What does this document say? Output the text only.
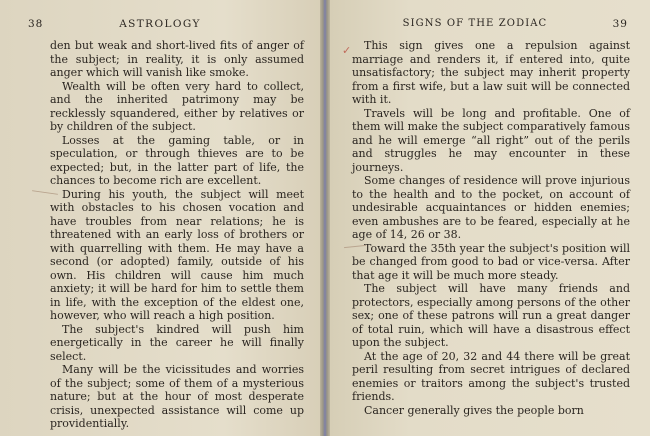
38	ASTROLOGY

den but weak and short-lived fits of anger of the subject; in reality, it is only assumed anger which will vanish like smoke.

Wealth will be often very hard to collect, and the inherited patrimony may be recklessly squandered, either by relatives or by children of the subject.

Losses at the gaming table, or in speculation, or through thieves are to be expected; but, in the latter part of life, the chances to become rich are excellent.

During his youth, the subject will meet with obstacles to his chosen vocation and have troubles from near relations; he is threatened with an early loss of brothers or with quarrelling with them. He may have a second (or adopted) family, outside of his own. His children will cause him much anxiety; it will be hard for him to settle them in life, with the exception of the eldest one, however, who will reach a high position.

The subject's kindred will push him energetically in the career he will finally select.

Many will be the vicissitudes and worries of the subject; some of them of a mysterious nature; but at the hour of most desperate crisis, unexpected assistance will come up providentially.

SIGNS OF THE ZODIAC	39

This sign gives one a repulsion against marriage and renders it, if entered into, quite unsatisfactory; the subject may inherit property from a first wife, but a law suit will be connected with it.

Travels will be long and profitable. One of them will make the subject comparatively famous and he will emerge “all right” out of the perils and struggles he may encounter in these journeys.

Some changes of residence will prove injurious to the health and to the pocket, on account of undesirable acquaintances or hidden enemies; even ambushes are to be feared, especially at he age of 14, 26 or 38.

Toward the 35th year the subject's position will be changed from good to bad or vice-versa. After that age it will be much more steady.

The subject will have many friends and protectors, especially among persons of the other sex; one of these patrons will run a great danger of total ruin, which will have a disastrous effect upon the subject.

At the age of 20, 32 and 44 there will be great peril resulting from secret intrigues of declared enemies or traitors among the subject's trusted friends.

Cancer generally gives the people born

✓
